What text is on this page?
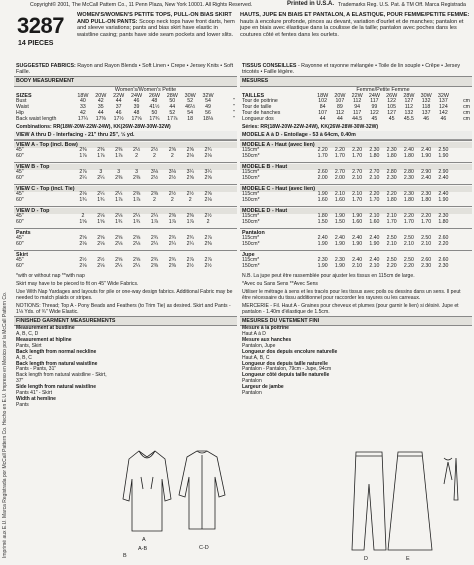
Copyright© 2001, The McCall Pattern Co., 11 Penn Plaza, New York 10001. All Rights Reserved.	Printed in U.S.A. Trademarks Reg. U.S. Pat. & TM Off. Marca Registrada
Imprimé aux E.U. Marca Registrada por McCall Pattern Co. Hecho en E.U. Impreso en Mexico por la McCall Pattern Co.
3287
14 PIECES
WOMEN'S/WOMEN'S PETITE TOPS, PULL-ON BIAS SKIRT AND PULL-ON PANTS: Scoop neck tops have front darts, hem and sleeve variations; pants and bias skirt have elastic in waistline casing; pants have side seam pockets and lower slits.
SUGGESTED FABRICS: Rayon and Rayon Blends • Soft Linen • Crepe • Jersey Knits • Soft Faille.
BODY MEASUREMENT
Women's/Women's Petite
SIZES	18W	20W	22W	24W	26W	28W	30W	32W
Bust	40	42	44	46	48	50	52	54	"
Waist	33	35	37	39	41½	44	46½	49	"
Hip	42	44	46	48	50	52	54	56	"
Back waist length	17¼	17⅜	17½	17⅝	17¾	17⅞	18	18⅛	"
Combinations: RR(18W-20W-22W-24W), KK(26W-28W-30W-32W)
VIEW A thru D - Interfacing - 21" thru 25", ½ yd.
VIEW A - Top (incl. Bow)
45"	2⅜	2⅜	2⅜	2½	2½	2⅝	2⅝	2¾
60"	1⅞	1⅞	1⅞	2	2	2	2⅛	2⅛
VIEW B - Top
45"	2⅞	3	3	3	3⅛	3⅛	3¼	3¼
60"	2¼	2¼	2⅜	2⅜	2½	2½	2⅝	2⅝
VIEW C - Top (incl. Tie)
45"	2⅛	2¼	2¼	2⅜	2⅜	2½	2½	2⅝
60"	1¾	1¾	1⅞	1⅞	2	2	2	2⅛
VIEW D - Top
45"	2	2⅛	2⅛	2¼	2¼	2⅜	2⅜	2½
60"	1⅝	1⅝	1¾	1¾	1⅞	1⅞	1⅞	2
Pants
45"	2⅝	2⅝	2⅝	2⅝	2¾	2¾	2¾	2⅞
60"	2⅛	2⅛	2⅛	2⅛	2¼	2¼	2¼	2⅜
Skirt
45"	2½	2½	2⅝	2⅝	2¾	2¾	2⅞	2⅞
60"	2⅛	2⅛	2¼	2¼	2⅜	2⅜	2½	2½
*with or without nap **with nap
Skirt may have to be pieced to fit on 45" Wide Fabrics.
Use With Nap Yardages and layouts for pile or one-way design fabrics. Additional Fabric may be needed to match plaids or stripes.
NOTIONS: Thread; Top A - Pony Beads and Feathers (to Trim Tie) as desired. Skirt and Pants - 1⅛ Yds. of ¾" Wide Elastic.
FINISHED GARMENT MEASUREMENTS
Measurement at bustline
A, B, C, D
Measurement at hipline
Pants, Skirt
Back length from normal neckline
A, B, C
Back length from natural waistline
Pants - Pants, 31"
Back length from natural waistline - Skirt, 37"
Side length from natural waistline
Pants 41" - Skirt
Width at hemline
Pants
HAUTS, JUPE EN BIAIS ET PANTALON, A ELASTIQUE, POUR FEMME/PETITE FEMME: hauts à encolure profonde, pinces au devant, variation d'ourlet et de manches; pantalon et jupe en biais avec élastique dans la coulisse de la taille; pantalon avec poches dans les coutures côté et fentes dans les ourlets.
TISSUS CONSEILLES - Rayonne et rayonne mélangée • Toile de lin souple • Crêpe • Jersey tricotés • Faille légère.
MESURES
Femme/Petite Femme
TAILLES	18W	20W	22W	24W	26W	28W	30W	32W
Tour de poitrine	102	107	112	117	122	127	132	137	cm
Tour de taille	84	89	94	99	105	112	118	124	cm
Tour de hanches	107	112	117	122	127	132	137	142	cm
Longueur dos	44	44	44.5	45	45	45.5	46	46	cm
Séries: RR(18W-20W-22W-24W), KK(26W-28W-30W-32W)
MODELE A à D - Entoilage - 53 à 64cm, 0.40m
MODELE A - Haut (avec lien)
115cm*	2.20	2.20	2.20	2.30	2.30	2.40	2.40	2.50
150cm*	1.70	1.70	1.70	1.80	1.80	1.80	1.90	1.90
MODELE B - Haut
115cm*	2.60	2.70	2.70	2.70	2.80	2.80	2.90	2.90
150cm*	2.00	2.00	2.10	2.10	2.30	2.30	2.40	2.40
MODELE C - Haut (avec lien)
115cm*	1.90	2.10	2.10	2.20	2.20	2.30	2.30	2.40
150cm*	1.60	1.60	1.70	1.70	1.80	1.80	1.80	1.90
MODELE D - Haut
115cm*	1.80	1.90	1.90	2.10	2.10	2.20	2.20	2.30
150cm*	1.50	1.50	1.60	1.60	1.70	1.70	1.70	1.80
Pantalon
115cm*	2.40	2.40	2.40	2.40	2.50	2.50	2.50	2.60
150cm*	1.90	1.90	1.90	1.90	2.10	2.10	2.10	2.20
Jupe
115cm*	2.30	2.30	2.40	2.40	2.50	2.50	2.60	2.60
150cm*	1.90	1.90	2.10	2.10	2.20	2.20	2.30	2.30
N.B. La jupe peut être rassemblée pour ajuster les tissus en 115cm de large.
*Avec ou Sans Sens **Avec Sens
Utiliser le métrage à sens et les tracés pour les tissus avec poils ou dessins dans un sens. Il peut être nécessaire du tissu additionnel pour raccorder les rayures ou les carreaux.
MERCERIE - Fil. Haut A - Graines pour cheveux et plumes (pour garnir le lien) si désiré. Jupe et pantalon - 1.40m d'élastique de 1.5cm.
MESURES DU VETEMENT FINI
Mesure à la poitrine
Haut A à D
Mesure aux hanches
Pantalon, Jupe
Longueur dos depuis encolure naturelle
Haut A, B, C
Longueur dos depuis taille naturelle
Pantalon - Pantalon, 79cm - Jupe, 94cm
Longueur côté depuis taille naturelle
Pantalon
Largeur de jambe
Pantalon
A
A-B
B
C-D
D	E
